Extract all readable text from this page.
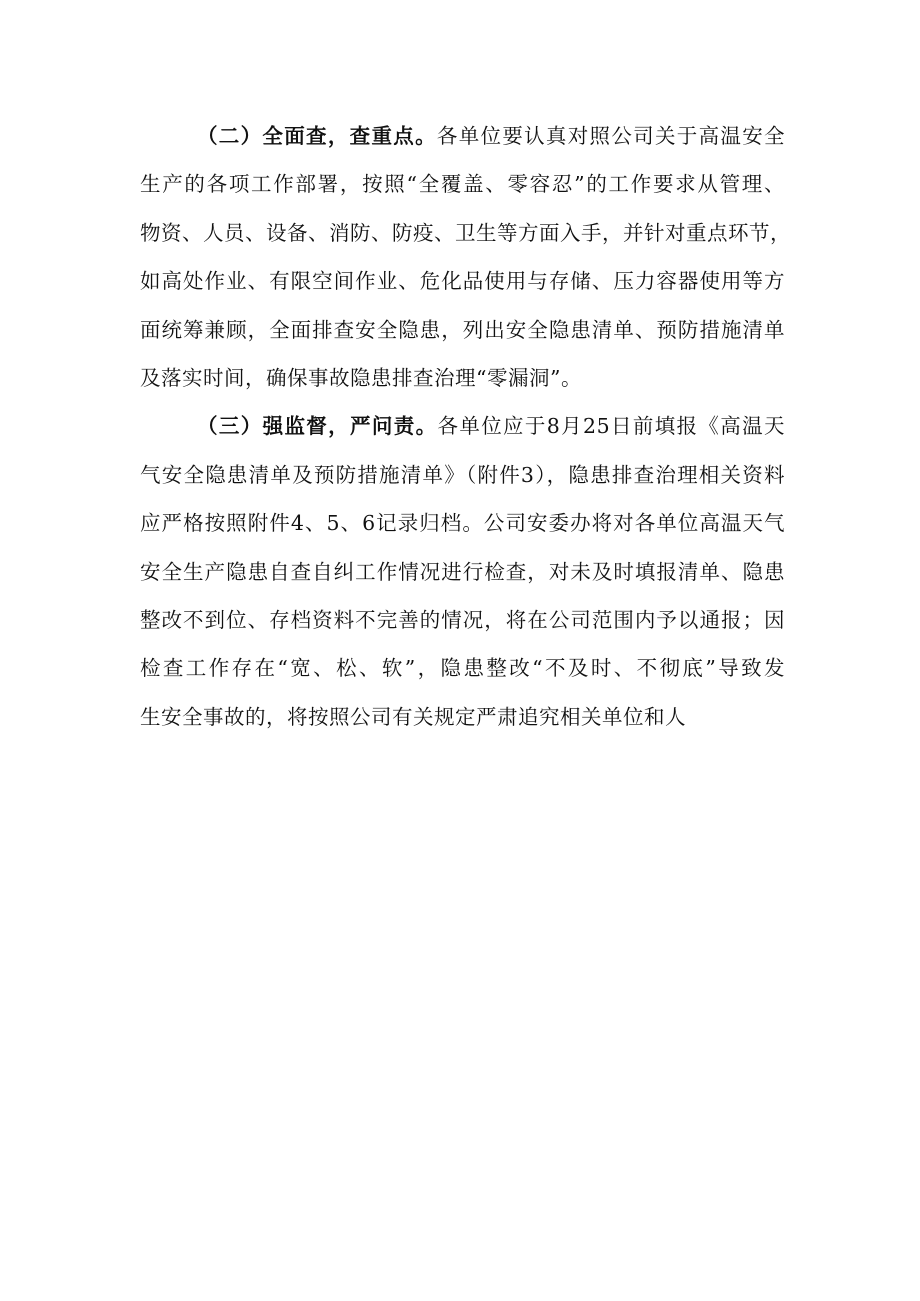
（二）全面查，查重点。各单位要认真对照公司关于高温安全
生产的各项工作部署，按照“全覆盖、零容忍”的工作要求从管理、
物资、人员、设备、消防、防疫、卫生等方面入手，并针对重点环节，
如高处作业、有限空间作业、危化品使用与存储、压力容器使用等方
面统筹兼顾，全面排查安全隐患，列出安全隐患清单、预防措施清单
及落实时间，确保事故隐患排查治理“零漏洞”。
（三）强监督，严问责。各单位应于8月25日前填报《高温天
气安全隐患清单及预防措施清单》（附件3），隐患排查治理相关资料
应严格按照附件4、5、6记录归档。公司安委办将对各单位高温天气
安全生产隐患自查自纠工作情况进行检查，对未及时填报清单、隐患
整改不到位、存档资料不完善的情况，将在公司范围内予以通报；因
检查工作存在“宽、松、软”，隐患整改“不及时、不彻底”导致发
生安全事故的，将按照公司有关规定严肃追究相关单位和人
